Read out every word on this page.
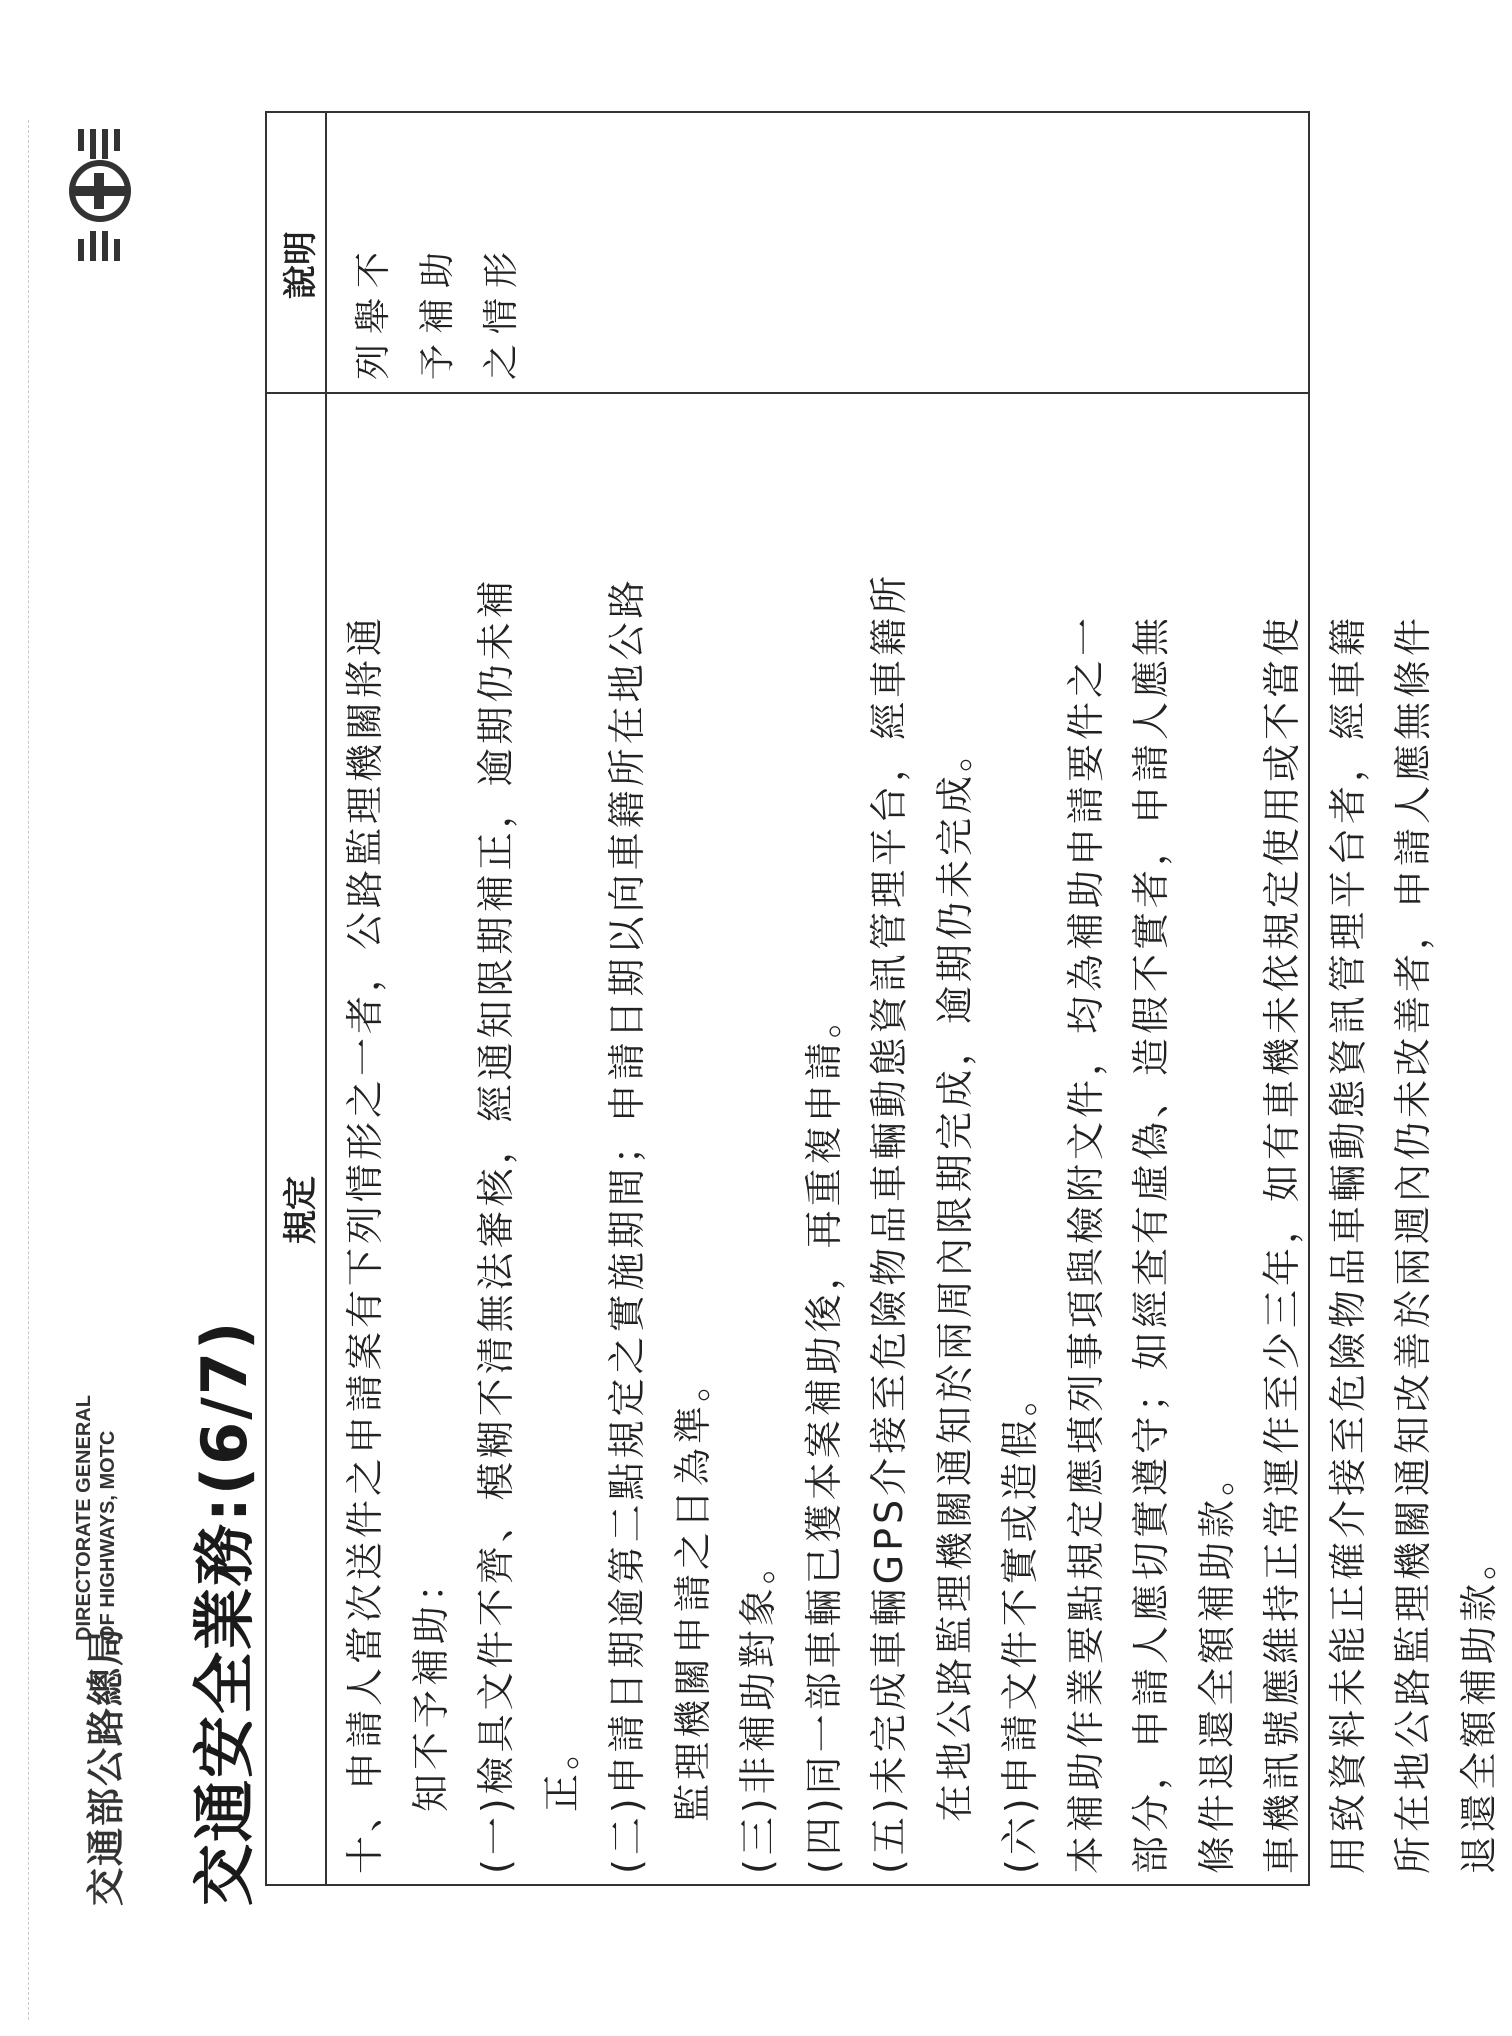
交通部公路總局
DIRECTORATE GENERAL OF HIGHWAYS, MOTC 交通安全業務:(6/7)
規定
說明

十、申請人當次送件之申請案有下列情形之一者，公路監理機關將通 知不予補助： (一)檢具文件不齊、模糊不清無法審核，經通知限期補正，逾期仍未補 正。 (二)申請日期逾第二點規定之實施期間；申請日期以向車籍所在地公路 監理機關申請之日為準。 (三)非補助對象。 (四)同一部車輛已獲本案補助後，再重複申請。 (五)未完成車輛GPS介接至危險物品車輛動態資訊管理平台，經車籍所 在地公路監理機關通知於兩周內限期完成，逾期仍未完成。 (六)申請文件不實或造假。 本補助作業要點規定應填列事項與檢附文件，均為補助申請要件之一 部分，申請人應切實遵守；如經查有虛偽、造假不實者，申請人應無 條件退還全額補助款。 車機訊號應維持正常運作至少三年，如有車機未依規定使用或不當使 用致資料未能正確介接至危險物品車輛動態資訊管理平台者，經車籍 所在地公路監理機關通知改善於兩週內仍未改善者，申請人應無條件 退還全額補助款。

列舉不 予補助 之情形
